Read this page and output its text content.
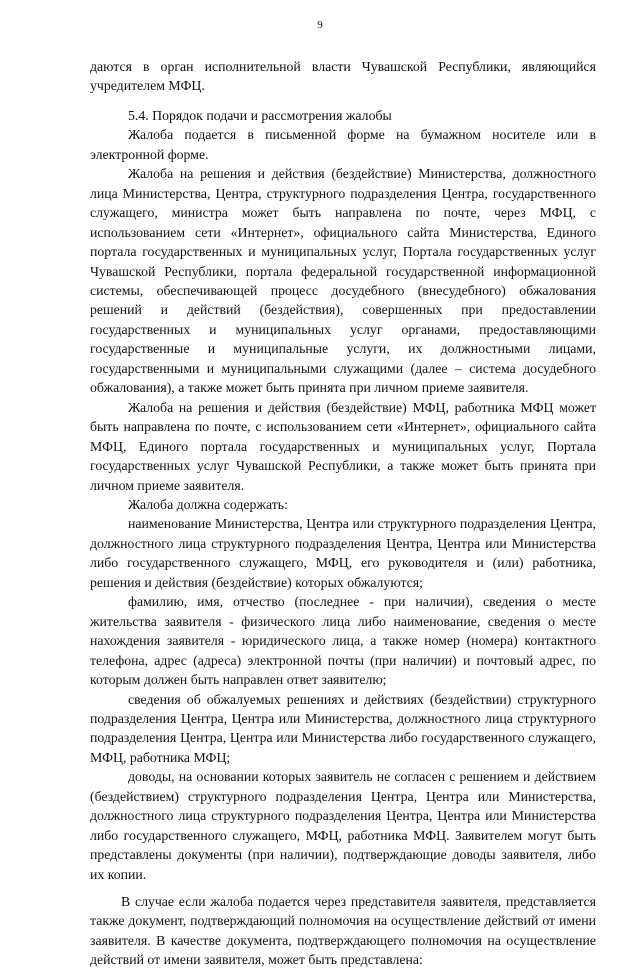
9

даются в орган исполнительной власти Чувашской Республики, являющийся учредителем МФЦ.

5.4. Порядок подачи и рассмотрения жалобы

Жалоба подается в письменной форме на бумажном носителе или в электронной форме.

Жалоба на решения и действия (бездействие) Министерства, должностного лица Министерства, Центра, структурного подразделения Центра, государственного служащего, министра может быть направлена по почте, через МФЦ, с использованием сети «Интернет», официального сайта Министерства, Единого портала государственных и муниципальных услуг, Портала государственных услуг Чувашской Республики, портала федеральной государственной информационной системы, обеспечивающей процесс досудебного (внесудебного) обжалования решений и действий (бездействия), совершенных при предоставлении государственных и муниципальных услуг органами, предоставляющими государственные и муниципальные услуги, их должностными лицами, государственными и муниципальными служащими (далее – система досудебного обжалования), а также может быть принята при личном приеме заявителя.

Жалоба на решения и действия (бездействие) МФЦ, работника МФЦ может быть направлена по почте, с использованием сети «Интернет», официального сайта МФЦ, Единого портала государственных и муниципальных услуг, Портала государственных услуг Чувашской Республики, а также может быть принята при личном приеме заявителя.

Жалоба должна содержать:

наименование Министерства, Центра или структурного подразделения Центра, должностного лица структурного подразделения Центра, Центра или Министерства либо государственного служащего, МФЦ, его руководителя и (или) работника, решения и действия (бездействие) которых обжалуются;

фамилию, имя, отчество (последнее - при наличии), сведения о месте жительства заявителя - физического лица либо наименование, сведения о месте нахождения заявителя - юридического лица, а также номер (номера) контактного телефона, адрес (адреса) электронной почты (при наличии) и почтовый адрес, по которым должен быть направлен ответ заявителю;

сведения об обжалуемых решениях и действиях (бездействии) структурного подразделения Центра, Центра или Министерства, должностного лица структурного подразделения Центра, Центра или Министерства либо государственного служащего, МФЦ, работника МФЦ;

доводы, на основании которых заявитель не согласен с решением и действием (бездействием) структурного подразделения Центра, Центра или Министерства, должностного лица структурного подразделения Центра, Центра или Министерства либо государственного служащего, МФЦ, работника МФЦ. Заявителем могут быть представлены документы (при наличии), подтверждающие доводы заявителя, либо их копии.

В случае если жалоба подается через представителя заявителя, представляется также документ, подтверждающий полномочия на осуществление действий от имени заявителя. В качестве документа, подтверждающего полномочия на осуществление действий от имени заявителя, может быть представлена:
